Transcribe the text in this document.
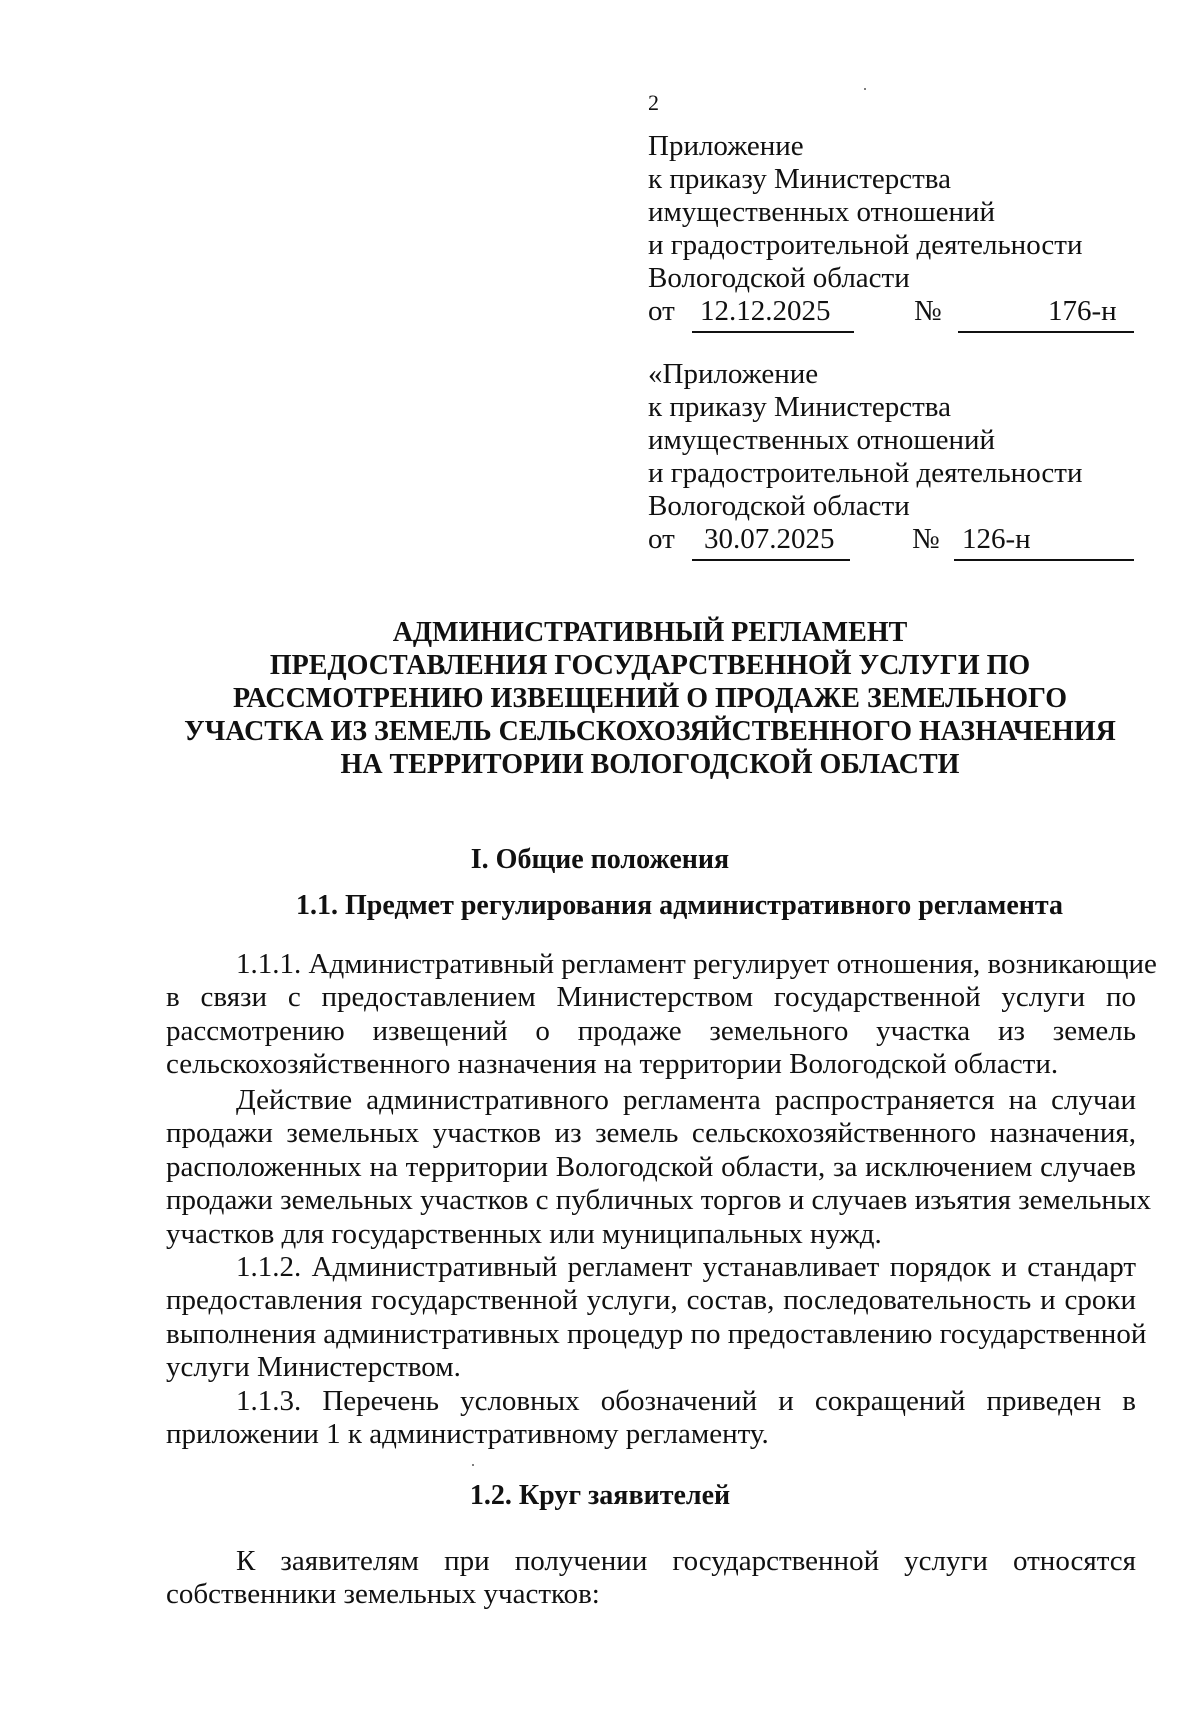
2
Приложение
к приказу Министерства
имущественных отношений
и градостроительной деятельности
Вологодской области
от 12.12.2025	№	176-н
«Приложение
к приказу Министерства
имущественных отношений
и градостроительной деятельности
Вологодской области
от 30.07.2025	№ 126-н
АДМИНИСТРАТИВНЫЙ РЕГЛАМЕНТ
ПРЕДОСТАВЛЕНИЯ ГОСУДАРСТВЕННОЙ УСЛУГИ ПО
РАССМОТРЕНИЮ ИЗВЕЩЕНИЙ О ПРОДАЖЕ ЗЕМЕЛЬНОГО
УЧАСТКА ИЗ ЗЕМЕЛЬ СЕЛЬСКОХОЗЯЙСТВЕННОГО НАЗНАЧЕНИЯ
НА ТЕРРИТОРИИ ВОЛОГОДСКОЙ ОБЛАСТИ
I. Общие положения
1.1. Предмет регулирования административного регламента
1.1.1. Административный регламент регулирует отношения, возникающие
в связи с предоставлением Министерством государственной услуги по
рассмотрению извещений о продаже земельного участка из земель
сельскохозяйственного назначения на территории Вологодской области.
Действие административного регламента распространяется на случаи
продажи земельных участков из земель сельскохозяйственного назначения,
расположенных на территории Вологодской области, за исключением случаев
продажи земельных участков с публичных торгов и случаев изъятия земельных
участков для государственных или муниципальных нужд.
1.1.2. Административный регламент устанавливает порядок и стандарт
предоставления государственной услуги, состав, последовательность и сроки
выполнения административных процедур по предоставлению государственной
услуги Министерством.
1.1.3. Перечень условных обозначений и сокращений приведен в
приложении 1 к административному регламенту.
1.2. Круг заявителей
К заявителям при получении государственной услуги относятся
собственники земельных участков:
